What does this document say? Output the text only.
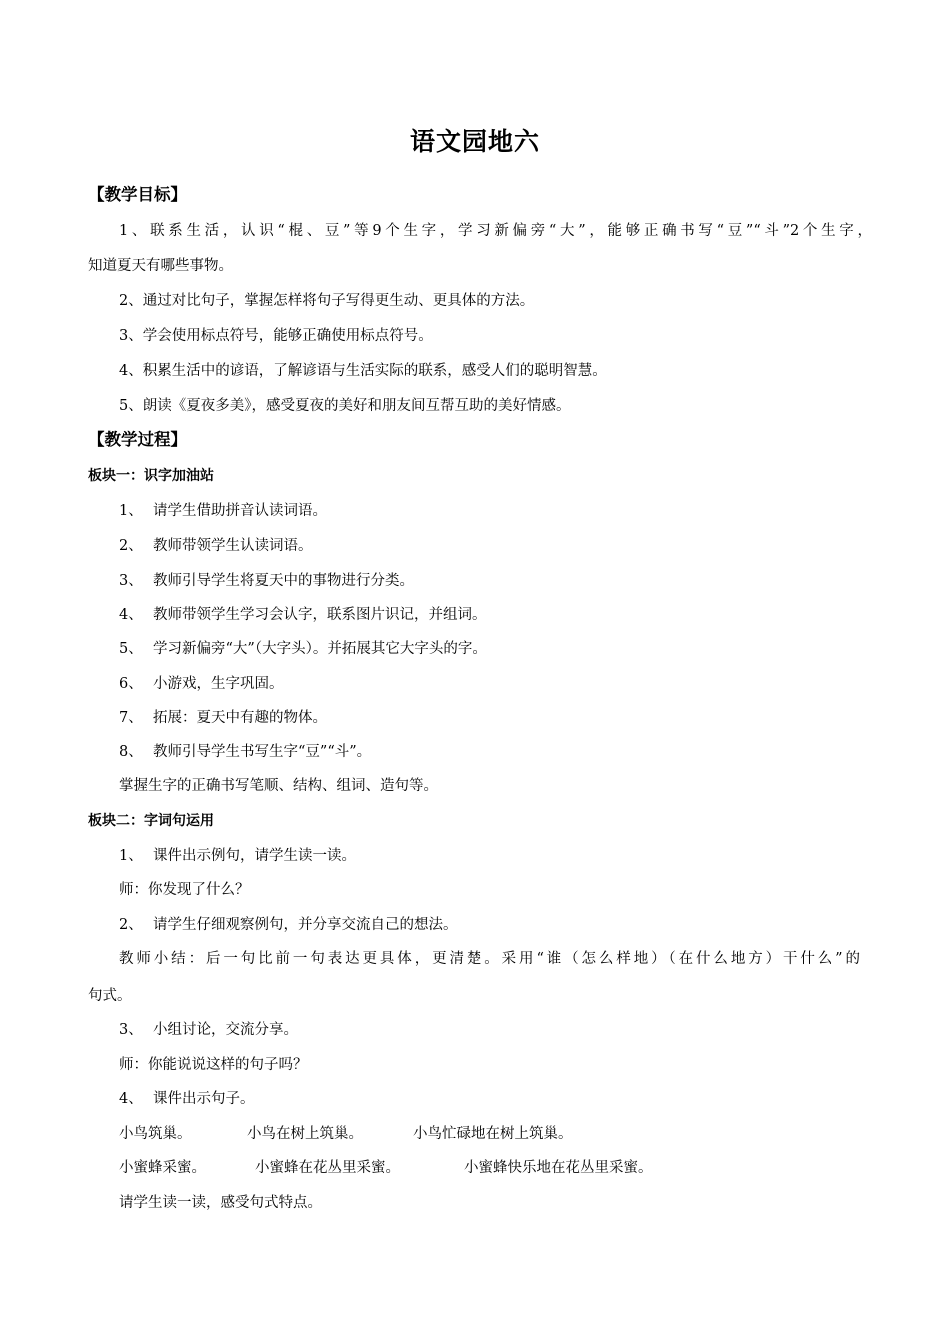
语文园地六
【教学目标】
1、联系生活，认识“棍、豆”等9个生字，学习新偏旁“大”，能够正确书写“豆”“斗”2个生字，
知道夏天有哪些事物。
2、通过对比句子，掌握怎样将句子写得更生动、更具体的方法。
3、学会使用标点符号，能够正确使用标点符号。
4、积累生活中的谚语，了解谚语与生活实际的联系，感受人们的聪明智慧。
5、朗读《夏夜多美》，感受夏夜的美好和朋友间互帮互助的美好情感。
【教学过程】
板块一：识字加油站
1、 请学生借助拼音认读词语。
2、 教师带领学生认读词语。
3、 教师引导学生将夏天中的事物进行分类。
4、 教师带领学生学习会认字，联系图片识记，并组词。
5、 学习新偏旁“大”（大字头）。并拓展其它大字头的字。
6、 小游戏，生字巩固。
7、 拓展：夏天中有趣的物体。
8、 教师引导学生书写生字“豆”“斗”。
掌握生字的正确书写笔顺、结构、组词、造句等。
板块二：字词句运用
1、 课件出示例句，请学生读一读。
师：你发现了什么？
2、 请学生仔细观察例句，并分享交流自己的想法。
教师小结：后一句比前一句表达更具体，更清楚。采用“谁（怎么样地）（在什么地方）干什么”的
句式。
3、 小组讨论，交流分享。
师：你能说说这样的句子吗？
4、 课件出示句子。
小鸟筑巢。	小鸟在树上筑巢。	小鸟忙碌地在树上筑巢。
小蜜蜂采蜜。	小蜜蜂在花丛里采蜜。	小蜜蜂快乐地在花丛里采蜜。
请学生读一读，感受句式特点。
